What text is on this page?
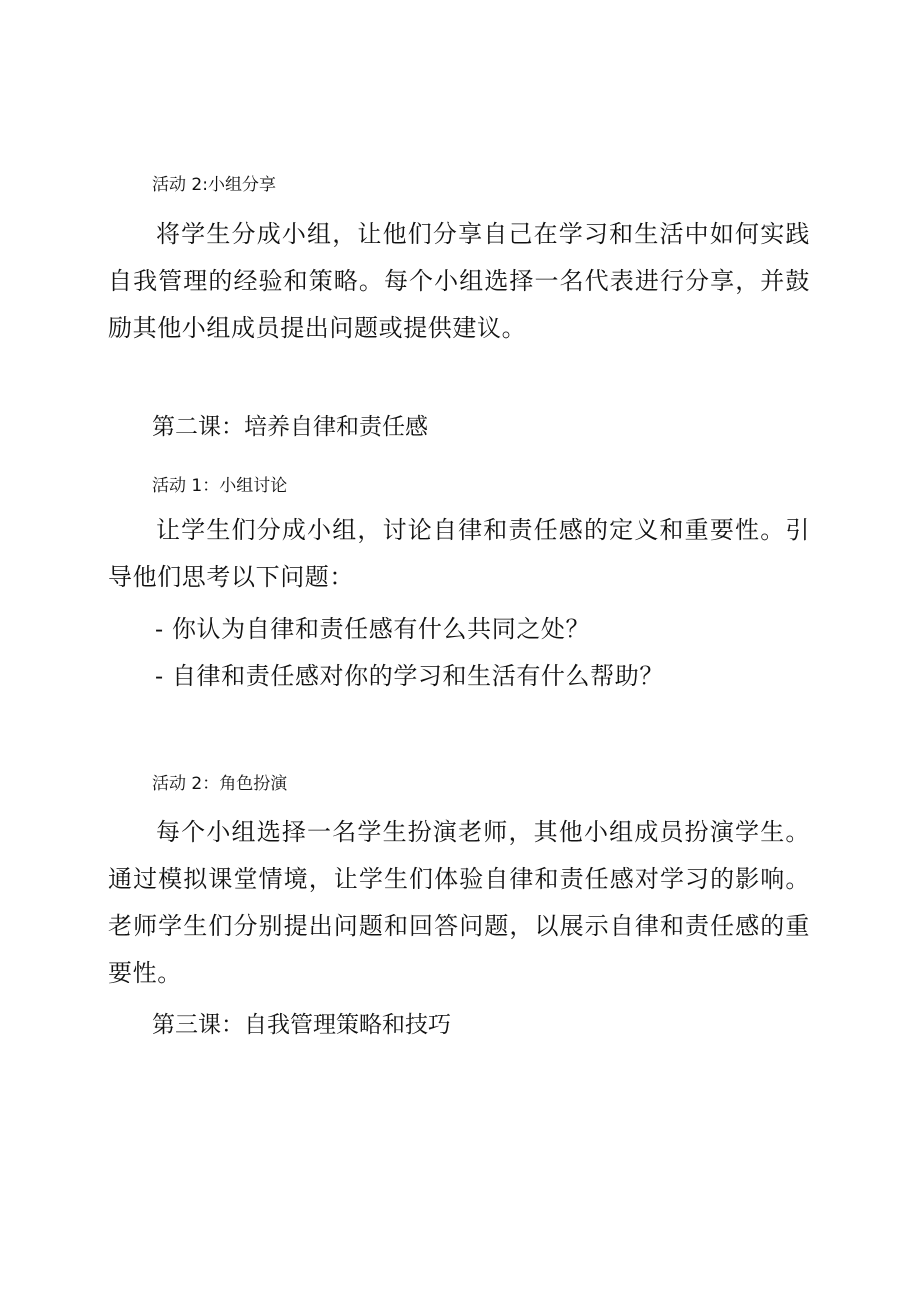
活动 2:小组分享
将学生分成小组，让他们分享自己在学习和生活中如何实践自我管理的经验和策略。每个小组选择一名代表进行分享，并鼓励其他小组成员提出问题或提供建议。
第二课：培养自律和责任感
活动 1：小组讨论
让学生们分成小组，讨论自律和责任感的定义和重要性。引导他们思考以下问题：
- 你认为自律和责任感有什么共同之处？
- 自律和责任感对你的学习和生活有什么帮助？
活动 2：角色扮演
每个小组选择一名学生扮演老师，其他小组成员扮演学生。通过模拟课堂情境，让学生们体验自律和责任感对学习的影响。老师学生们分别提出问题和回答问题，以展示自律和责任感的重要性。
第三课：自我管理策略和技巧
